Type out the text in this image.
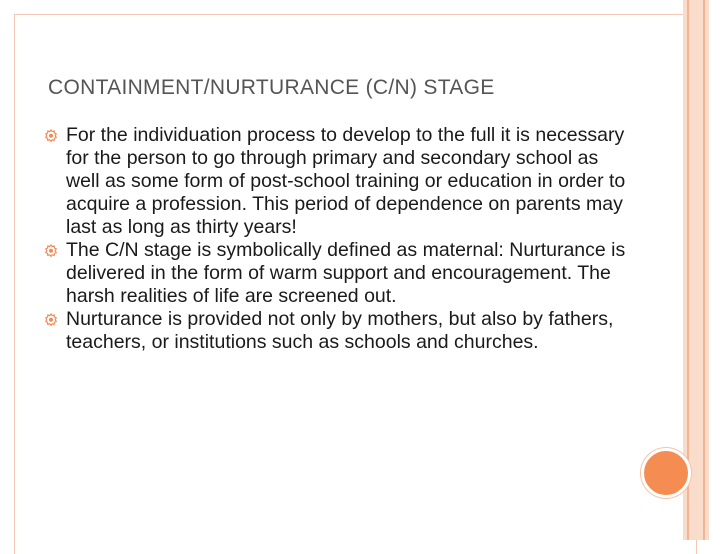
CONTAINMENT/NURTURANCE (C/N) STAGE
For the individuation process to develop to the full it is necessary for the person to go through primary and secondary school as well as some form of post-school training or education in order to acquire a profession. This period of dependence on parents may last as long as thirty years!
The C/N stage is symbolically defined as maternal: Nurturance is delivered in the form of warm support and encouragement. The harsh realities of life are screened out.
Nurturance is provided not only by mothers, but also by fathers, teachers, or institutions such as schools and churches.
